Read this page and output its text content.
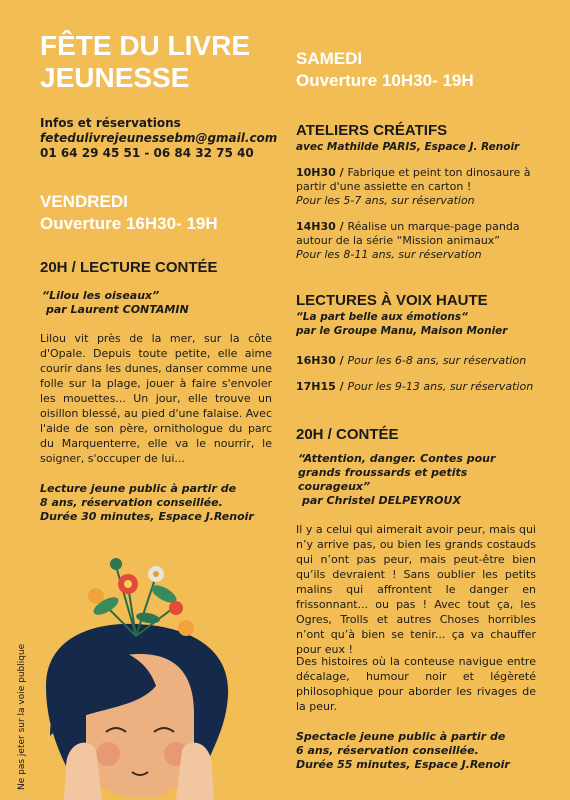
FÊTE DU LIVRE
JEUNESSE
Infos et réservations
fetedulivrejeunessebm@gmail.com
01 64 29 45 51 - 06 84 32 75 40
VENDREDI
Ouverture 16H30- 19H
20H / LECTURE CONTÉE
“Lilou les oiseaux”
par Laurent CONTAMIN

Lilou vit près de la mer, sur la côte d'Opale. Depuis toute petite, elle aime courir dans les dunes, danser comme une folle sur la plage, jouer à faire s'envoler les mouettes... Un jour, elle trouve un oisillon blessé, au pied d'une falaise. Avec l'aide de son père, ornithologue du parc du Marquenterre, elle va le nourrir, le soigner, s'occuper de lui...

Lecture jeune public à partir de
8 ans, réservation conseillée.
Durée 30 minutes, Espace J.Renoir
SAMEDI
Ouverture 10H30- 19H
ATELIERS CRÉATIFS
avec Mathilde PARIS, Espace J. Renoir
10H30 / Fabrique et peint ton dinosaure à partir d'une assiette en carton !
Pour les 5-7 ans, sur réservation
14H30 / Réalise un marque-page panda autour de la série “Mission animaux”
Pour les 8-11 ans, sur réservation
LECTURES À VOIX HAUTE
“La part belle aux émotions“
par le Groupe Manu, Maison Monier
16H30 / Pour les 6-8 ans, sur réservation
17H15 / Pour les 9-13 ans, sur réservation
20H / CONTÉE
“Attention, danger. Contes pour
grands froussards et petits
courageux”
par Christel DELPEYROUX

Il y a celui qui aimerait avoir peur, mais qui n’y arrive pas, ou bien les grands costauds qui n’ont pas peur, mais peut-être bien qu’ils devraient ! Sans oublier les petits malins qui affrontent le danger en frissonnant... ou pas ! Avec tout ça, les Ogres, Trolls et autres Choses horribles n’ont qu’à bien se tenir... ça va chauffer pour eux !

Des histoires où la conteuse navigue entre décalage, humour noir et légèreté philosophique pour aborder les rivages de la peur.

Spectacle jeune public à partir de
6 ans, réservation conseillée.
Durée 55 minutes, Espace J.Renoir
Ne pas jeter sur la voie publique
